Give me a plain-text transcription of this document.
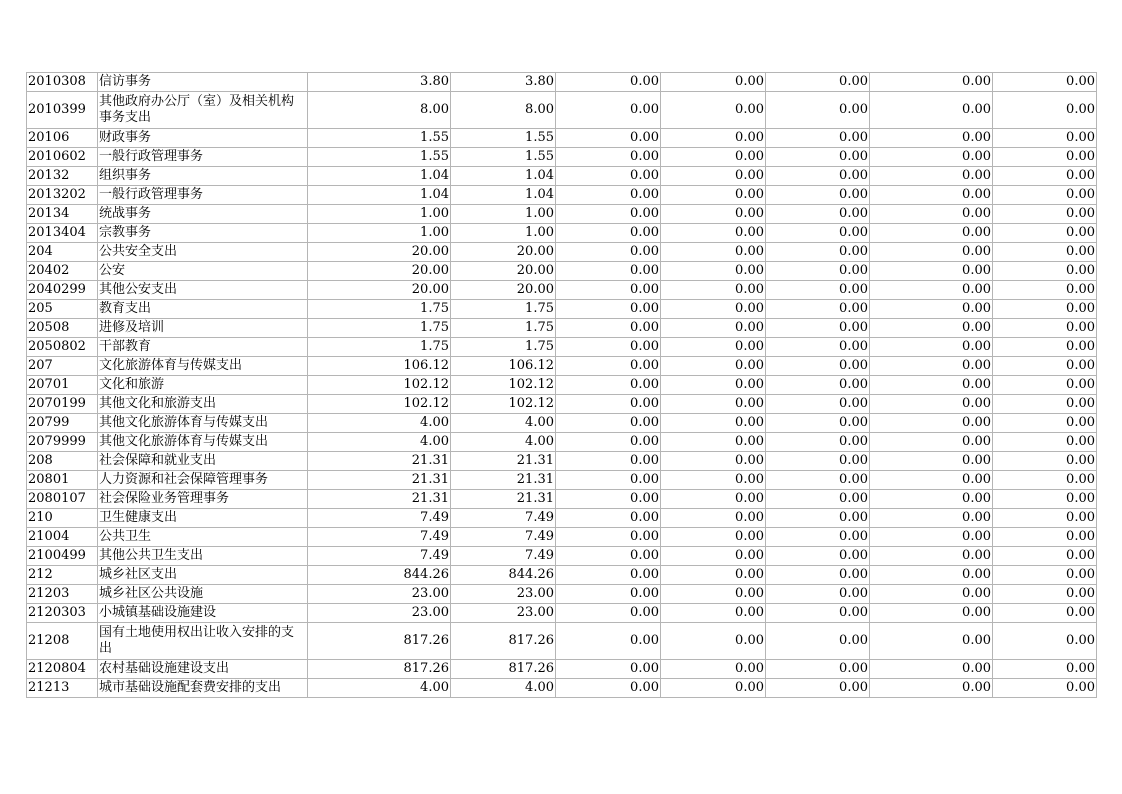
2010308	信访事务	3.80	3.80	0.00	0.00	0.00	0.00	0.00
2010399	其他政府办公厅（室）及相关机构事务支出	8.00	8.00	0.00	0.00	0.00	0.00	0.00
20106	财政事务	1.55	1.55	0.00	0.00	0.00	0.00	0.00
2010602	一般行政管理事务	1.55	1.55	0.00	0.00	0.00	0.00	0.00
20132	组织事务	1.04	1.04	0.00	0.00	0.00	0.00	0.00
2013202	一般行政管理事务	1.04	1.04	0.00	0.00	0.00	0.00	0.00
20134	统战事务	1.00	1.00	0.00	0.00	0.00	0.00	0.00
2013404	宗教事务	1.00	1.00	0.00	0.00	0.00	0.00	0.00
204	公共安全支出	20.00	20.00	0.00	0.00	0.00	0.00	0.00
20402	公安	20.00	20.00	0.00	0.00	0.00	0.00	0.00
2040299	其他公安支出	20.00	20.00	0.00	0.00	0.00	0.00	0.00
205	教育支出	1.75	1.75	0.00	0.00	0.00	0.00	0.00
20508	进修及培训	1.75	1.75	0.00	0.00	0.00	0.00	0.00
2050802	干部教育	1.75	1.75	0.00	0.00	0.00	0.00	0.00
207	文化旅游体育与传媒支出	106.12	106.12	0.00	0.00	0.00	0.00	0.00
20701	文化和旅游	102.12	102.12	0.00	0.00	0.00	0.00	0.00
2070199	其他文化和旅游支出	102.12	102.12	0.00	0.00	0.00	0.00	0.00
20799	其他文化旅游体育与传媒支出	4.00	4.00	0.00	0.00	0.00	0.00	0.00
2079999	其他文化旅游体育与传媒支出	4.00	4.00	0.00	0.00	0.00	0.00	0.00
208	社会保障和就业支出	21.31	21.31	0.00	0.00	0.00	0.00	0.00
20801	人力资源和社会保障管理事务	21.31	21.31	0.00	0.00	0.00	0.00	0.00
2080107	社会保险业务管理事务	21.31	21.31	0.00	0.00	0.00	0.00	0.00
210	卫生健康支出	7.49	7.49	0.00	0.00	0.00	0.00	0.00
21004	公共卫生	7.49	7.49	0.00	0.00	0.00	0.00	0.00
2100499	其他公共卫生支出	7.49	7.49	0.00	0.00	0.00	0.00	0.00
212	城乡社区支出	844.26	844.26	0.00	0.00	0.00	0.00	0.00
21203	城乡社区公共设施	23.00	23.00	0.00	0.00	0.00	0.00	0.00
2120303	小城镇基础设施建设	23.00	23.00	0.00	0.00	0.00	0.00	0.00
21208	国有土地使用权出让收入安排的支出	817.26	817.26	0.00	0.00	0.00	0.00	0.00
2120804	农村基础设施建设支出	817.26	817.26	0.00	0.00	0.00	0.00	0.00
21213	城市基础设施配套费安排的支出	4.00	4.00	0.00	0.00	0.00	0.00	0.00
